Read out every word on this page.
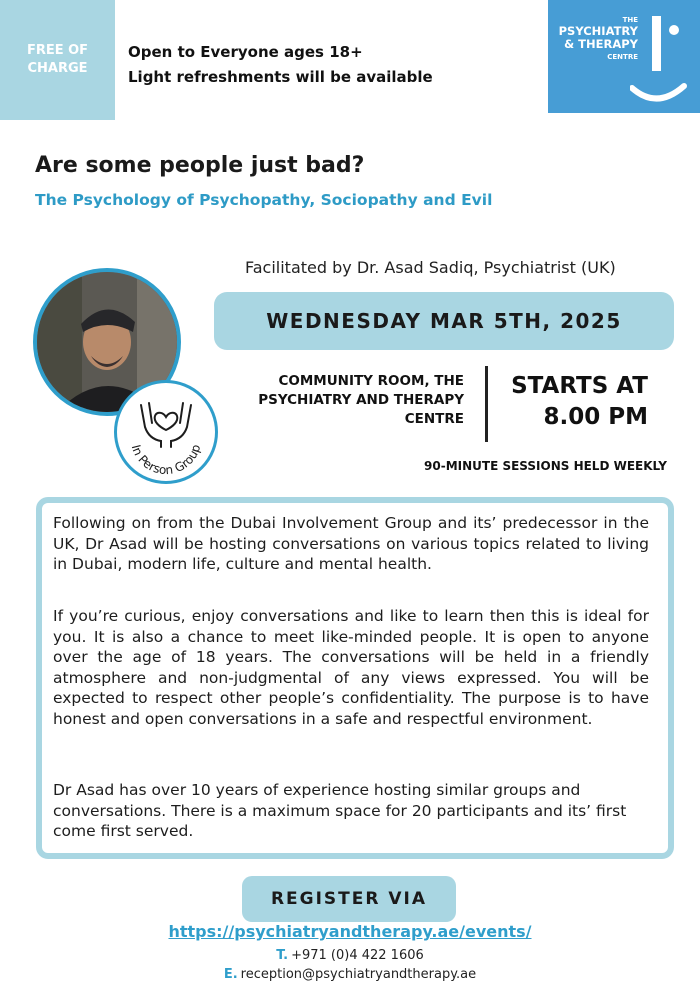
FREE OF CHARGE
Open to Everyone ages 18+
Light refreshments will be available
THE
PSYCHIATRY
& THERAPY
CENTRE
Are some people just bad?
The Psychology of Psychopathy, Sociopathy and Evil
Facilitated by Dr. Asad Sadiq, Psychiatrist (UK)
WEDNESDAY MAR 5TH, 2025
In Person Group
COMMUNITY ROOM, THE
PSYCHIATRY AND THERAPY
CENTRE
STARTS AT
8.00 PM
90-MINUTE SESSIONS HELD WEEKLY

Following on from the Dubai Involvement Group and its’ predecessor in the UK, Dr Asad will be hosting conversations on various topics related to living in Dubai, modern life, culture and mental health.

If you’re curious, enjoy conversations and like to learn then this is ideal for you. It is also a chance to meet like-minded people. It is open to anyone over the age of 18 years. The conversations will be held in a friendly atmosphere and non-judgmental of any views expressed. You will be expected to respect other people’s confidentiality. The purpose is to have honest and open conversations in a safe and respectful environment.

Dr Asad has over 10 years of experience hosting similar groups and conversations. There is a maximum space for 20 participants and its’ first come first served.

REGISTER VIA
https://psychiatryandtherapy.ae/events/
T. +971 (0)4 422 1606
E. reception@psychiatryandtherapy.ae
